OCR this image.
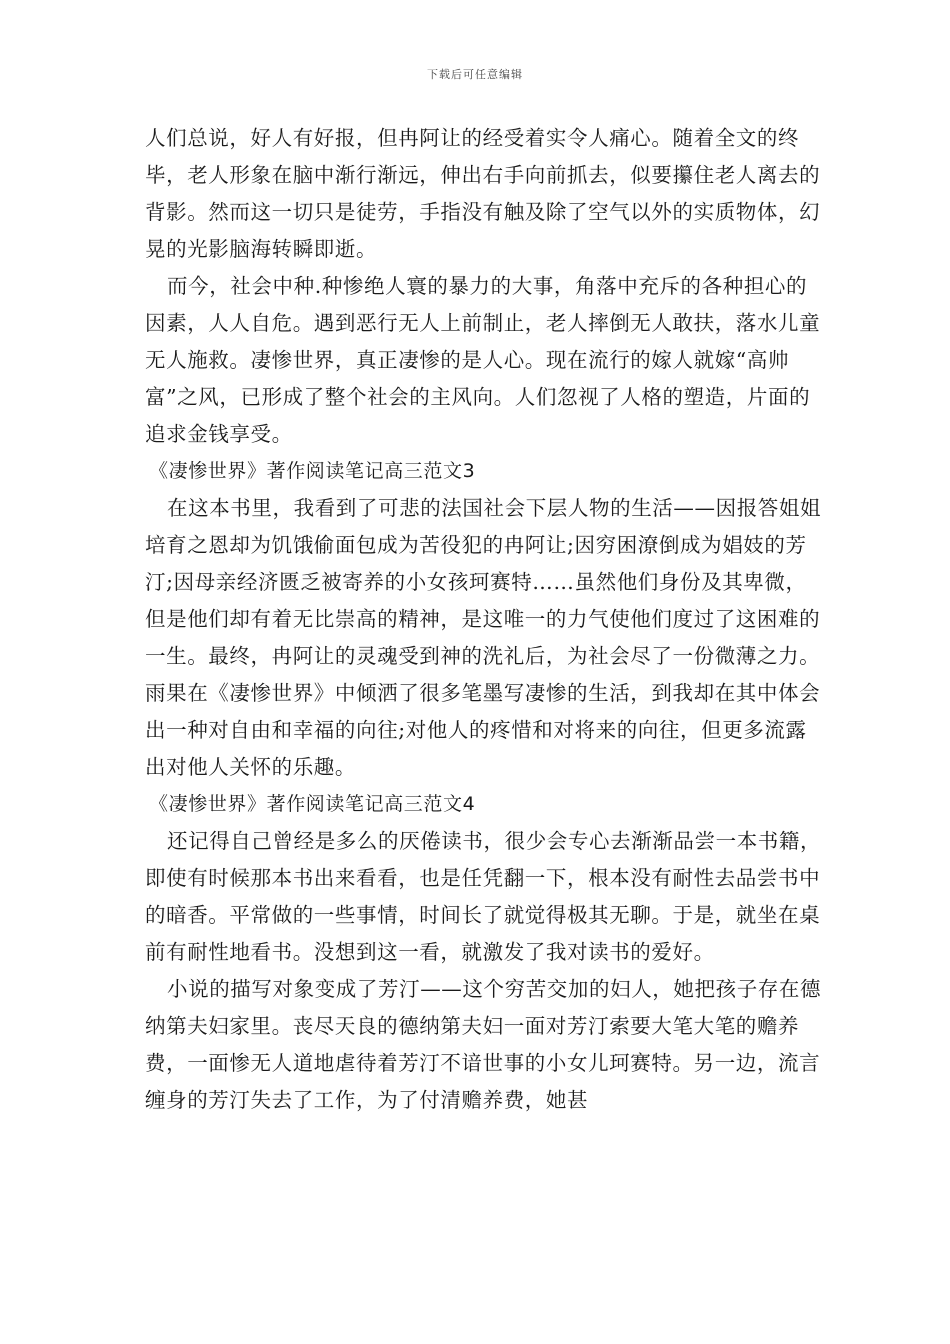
下载后可任意编辑

人们总说，好人有好报，但冉阿让的经受着实令人痛心。随着全文的终毕，老人形象在脑中渐行渐远，伸出右手向前抓去，似要攥住老人离去的背影。然而这一切只是徒劳，手指没有触及除了空气以外的实质物体，幻晃的光影脑海转瞬即逝。

而今，社会中种.种惨绝人寰的暴力的大事，角落中充斥的各种担心的因素，人人自危。遇到恶行无人上前制止，老人摔倒无人敢扶，落水儿童无人施救。凄惨世界，真正凄惨的是人心。现在流行的嫁人就嫁“高帅富”之风，已形成了整个社会的主风向。人们忽视了人格的塑造，片面的追求金钱享受。

《凄惨世界》著作阅读笔记高三范文3

在这本书里，我看到了可悲的法国社会下层人物的生活——因报答姐姐培育之恩却为饥饿偷面包成为苦役犯的冉阿让;因穷困潦倒成为娼妓的芳汀;因母亲经济匮乏被寄养的小女孩珂赛特……虽然他们身份及其卑微，但是他们却有着无比崇高的精神，是这唯一的力气使他们度过了这困难的一生。最终，冉阿让的灵魂受到神的洗礼后，为社会尽了一份微薄之力。

雨果在《凄惨世界》中倾洒了很多笔墨写凄惨的生活，到我却在其中体会出一种对自由和幸福的向往;对他人的疼惜和对将来的向往，但更多流露出对他人关怀的乐趣。

《凄惨世界》著作阅读笔记高三范文4

还记得自己曾经是多么的厌倦读书，很少会专心去渐渐品尝一本书籍，即使有时候那本书出来看看，也是任凭翻一下，根本没有耐性去品尝书中的暗香。平常做的一些事情，时间长了就觉得极其无聊。于是，就坐在桌前有耐性地看书。没想到这一看，就激发了我对读书的爱好。

小说的描写对象变成了芳汀——这个穷苦交加的妇人，她把孩子存在德纳第夫妇家里。丧尽天良的德纳第夫妇一面对芳汀索要大笔大笔的赡养费，一面惨无人道地虐待着芳汀不谙世事的小女儿珂赛特。另一边，流言缠身的芳汀失去了工作，为了付清赡养费，她甚
